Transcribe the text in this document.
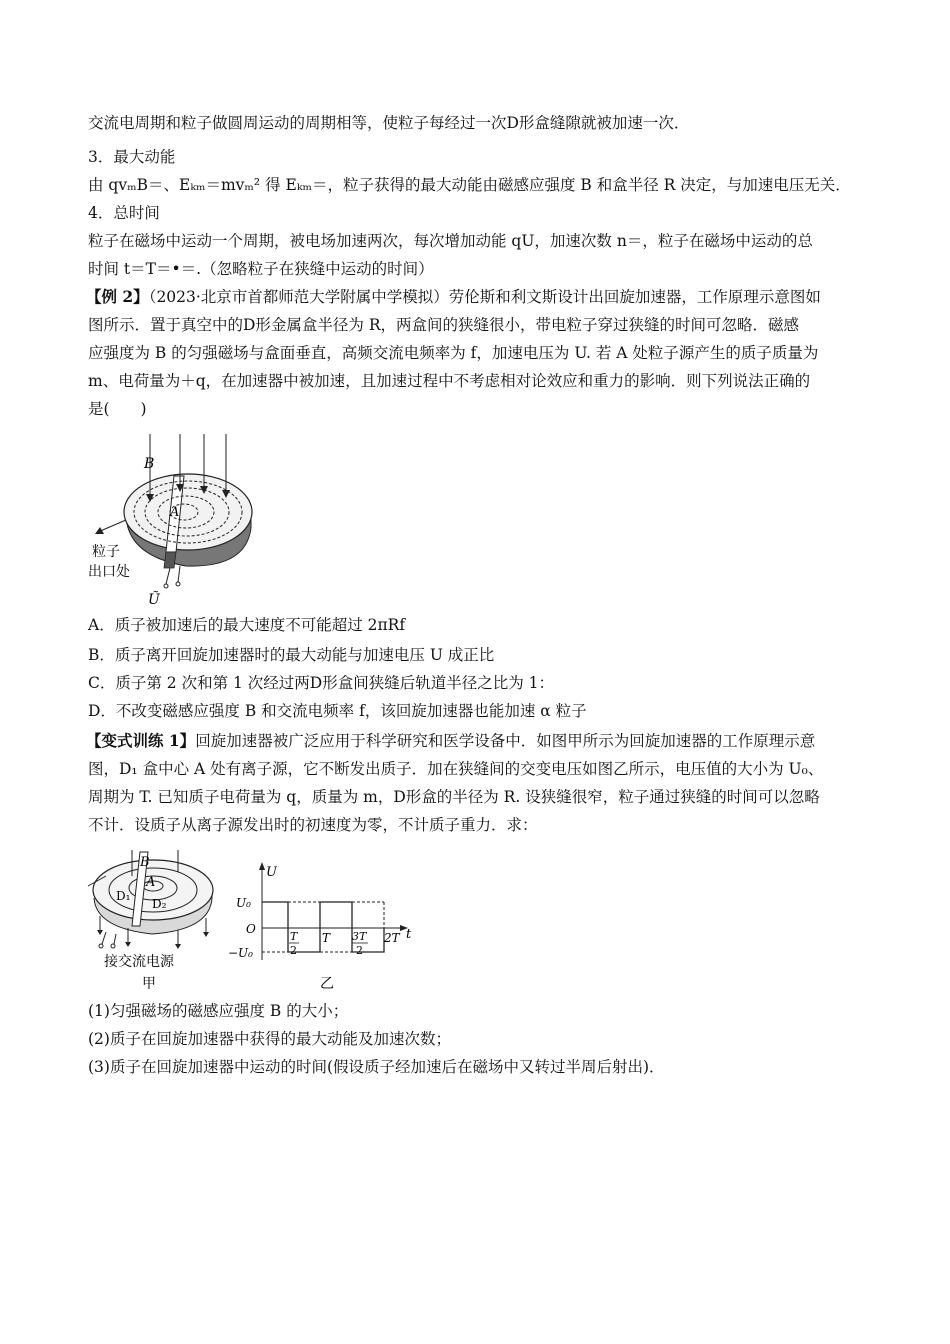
交流电周期和粒子做圆周运动的周期相等，使粒子每经过一次D形盒缝隙就被加速一次．
3．最大动能
由 qvₘB＝、Eₖₘ＝mvₘ² 得 Eₖₘ＝，粒子获得的最大动能由磁感应强度 B 和盒半径 R 决定，与加速电压无关．
4．总时间
粒子在磁场中运动一个周期，被电场加速两次，每次增加动能 qU，加速次数 n＝，粒子在磁场中运动的总
时间 t＝T＝•＝.（忽略粒子在狭缝中运动的时间）
【例 2】（2023·北京市首都师范大学附属中学模拟）劳伦斯和利文斯设计出回旋加速器，工作原理示意图如
图所示．置于真空中的D形金属盒半径为 R，两盒间的狭缝很小，带电粒子穿过狭缝的时间可忽略．磁感
应强度为 B 的匀强磁场与盒面垂直，高频交流电频率为 f，加速电压为 U. 若 A 处粒子源产生的质子质量为
m、电荷量为＋q，在加速器中被加速，且加速过程中不考虑相对论效应和重力的影响．则下列说法正确的
是(　　)
B
A
粒子
出口处
Ũ
A．质子被加速后的最大速度不可能超过 2πRf
B．质子离开回旋加速器时的最大动能与加速电压 U 成正比
C．质子第 2 次和第 1 次经过两D形盒间狭缝后轨道半径之比为 1：
D．不改变磁感应强度 B 和交流电频率 f，该回旋加速器也能加速 α 粒子
【变式训练 1】回旋加速器被广泛应用于科学研究和医学设备中．如图甲所示为回旋加速器的工作原理示意
图，D₁ 盒中心 A 处有离子源，它不断发出质子．加在狭缝间的交变电压如图乙所示，电压值的大小为 U₀、
周期为 T. 已知质子电荷量为 q，质量为 m，D形盒的半径为 R. 设狭缝很窄，粒子通过狭缝的时间可以忽略
不计．设质子从离子源发出时的初速度为零，不计质子重力．求：
B
A
D₁
D₂
接交流电源
甲
U
t
U₀
O
−U₀
T
2
T 3T
2
2T
乙
(1)匀强磁场的磁感应强度 B 的大小；
(2)质子在回旋加速器中获得的最大动能及加速次数；
(3)质子在回旋加速器中运动的时间(假设质子经加速后在磁场中又转过半周后射出)．
